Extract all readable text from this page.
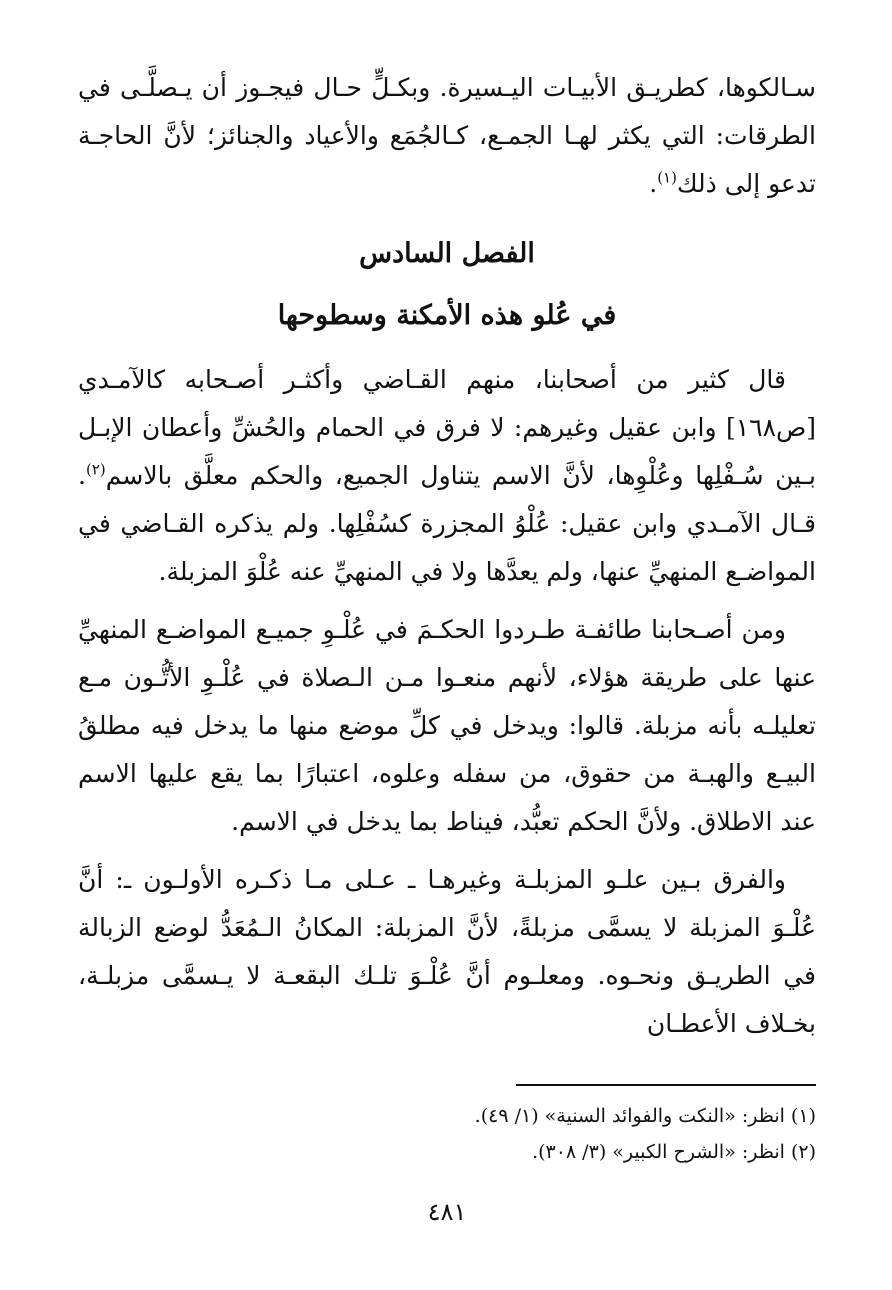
سـالكوها، كطريـق الأبيـات اليـسيرة. وبكـلٍّ حـال فيجـوز أن يـصلَّـى في الطرقات: التي يكثر لهـا الجمـع، كـالجُمَع والأعياد والجنائز؛ لأنَّ الحاجـة تدعو إلى ذلك$^{(١)}$.

الفصل السادس

في عُلو هذه الأمكنة وسطوحها

قال كثير من أصحابنا، منهم القـاضي وأكثـر أصـحابه كالآمـدي [ص١٦٨] وابن عقيل وغيرهم: لا فرق في الحمام والحُشِّ وأعطان الإبـل بـين سُـفْلِها وعُلْوِها، لأنَّ الاسم يتناول الجميع، والحكم معلَّق بالاسم$^{(٢)}$. قـال الآمـدي وابن عقيل: عُلْوُ المجزرة كسُفْلِها. ولم يذكره القـاضي في المواضـع المنهيِّ عنها، ولم يعدَّها ولا في المنهيِّ عنه عُلْوَ المزبلة.

ومن أصـحابنا طائفـة طـردوا الحكـمَ في عُلْـوِ جميـع المواضـع المنهيِّ عنها على طريقة هؤلاء، لأنهم منعـوا مـن الـصلاة في عُلْـوِ الأتُّـون مـع تعليلـه بأنه مزبلة. قالوا: ويدخل في كلِّ موضع منها ما يدخل فيه مطلقُ البيـع والهبـة من حقوق، من سفله وعلوه، اعتبارًا بما يقع عليها الاسم عند الاطلاق. ولأنَّ الحكم تعبُّد، فيناط بما يدخل في الاسم.

والفرق بـين علـو المزبلـة وغيرهـا ـ عـلى مـا ذكـره الأولـون ـ: أنَّ عُلْـوَ المزبلة لا يسمَّى مزبلةً، لأنَّ المزبلة: المكانُ الـمُعَدُّ لوضع الزبالة في الطريـق ونحـوه. ومعلـوم أنَّ عُلْـوَ تلـك البقعـة لا يـسمَّى مزبلـة، بخـلاف الأعطـان

(١) انظر: «النكت والفوائد السنية» (١/ ٤٩).

(٢) انظر: «الشرح الكبير» (٣/ ٣٠٨).

٤٨١
